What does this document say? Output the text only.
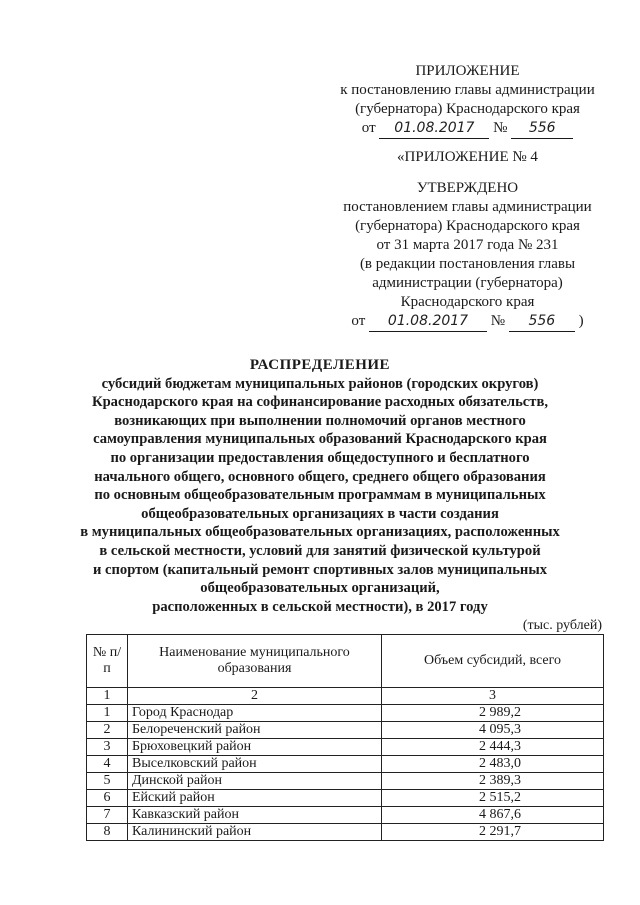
ПРИЛОЖЕНИЕ
к постановлению главы администрации
(губернатора) Краснодарского края
от 01.08.2017 № 556
«ПРИЛОЖЕНИЕ № 4
УТВЕРЖДЕНО
постановлением главы администрации
(губернатора) Краснодарского края
от 31 марта 2017 года № 231
(в редакции постановления главы
администрации (губернатора)
Краснодарского края
от 01.08.2017 № 556 )
РАСПРЕДЕЛЕНИЕ
субсидий бюджетам муниципальных районов (городских округов)
Краснодарского края на софинансирование расходных обязательств,
возникающих при выполнении полномочий органов местного
самоуправления муниципальных образований Краснодарского края
по организации предоставления общедоступного и бесплатного
начального общего, основного общего, среднего общего образования
по основным общеобразовательным программам в муниципальных
общеобразовательных организациях в части создания
в муниципальных общеобразовательных организациях, расположенных
в сельской местности, условий для занятий физической культурой
и спортом (капитальный ремонт спортивных залов муниципальных
общеобразовательных организаций,
расположенных в сельской местности), в 2017 году
(тыс. рублей)
№ п/п	Наименование муниципального образования	Объем субсидий, всего
1	2	3
1	Город Краснодар	2 989,2
2	Белореченский район	4 095,3
3	Брюховецкий район	2 444,3
4	Выселковский район	2 483,0
5	Динской район	2 389,3
6	Ейский район	2 515,2
7	Кавказский район	4 867,6
8	Калининский район	2 291,7
